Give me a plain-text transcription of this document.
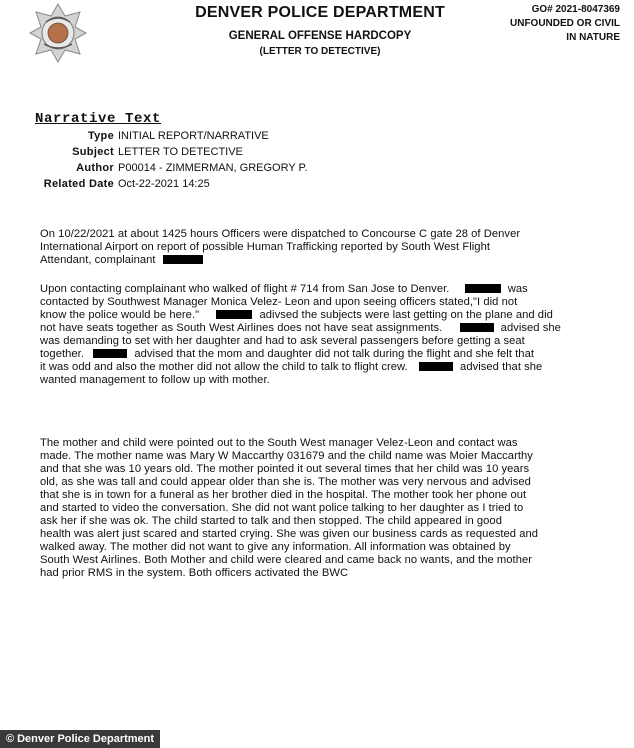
DENVER POLICE DEPARTMENT
GENERAL OFFENSE HARDCOPY
(LETTER TO DETECTIVE)
GO# 2021-8047369
UNFOUNDED OR CIVIL
IN NATURE
Narrative Text
Type INITIAL REPORT/NARRATIVE
Subject LETTER TO DETECTIVE
Author P00014 - ZIMMERMAN, GREGORY P.
Related Date Oct-22-2021 14:25
On 10/22/2021 at about 1425 hours Officers were dispatched to Concourse C gate 28 of Denver
International Airport on report of possible Human Trafficking reported by South West Flight
Attendant, complainant
Upon contacting complainant who walked of flight # 714 from San Jose to Denver.	was
contacted by Southwest Manager Monica Velez- Leon and upon seeing officers stated,"I did not
know the police would be here."	adivsed the subjects were last getting on the plane and did
not have seats together as South West Airlines does not have seat assignments.	advised she
was demanding to set with her daughter and had to ask several passengers before getting a seat
together.	advised that the mom and daughter did not talk during the flight and she felt that
it was odd and also the mother did not allow the child to talk to flight crew.	advised that she
wanted management to follow up with mother.
The mother and child were pointed out to the South West manager Velez-Leon and contact was
made. The mother name was Mary W Maccarthy 031679 and the child name was Moier Maccarthy
and that she was 10 years old. The mother pointed it out several times that her child was 10 years
old, as she was tall and could appear older than she is. The mother was very nervous and advised
that she is in town for a funeral as her brother died in the hospital. The mother took her phone out
and started to video the conversation. She did not want police talking to her daughter as I tried to
ask her if she was ok. The child started to talk and then stopped. The child appeared in good
health was alert just scared and started crying. She was given our business cards as requested and
walked away. The mother did not want to give any information. All information was obtained by
South West Airlines. Both Mother and child were cleared and came back no wants, and the mother
had prior RMS in the system. Both officers activated the BWC
© Denver Police Department
